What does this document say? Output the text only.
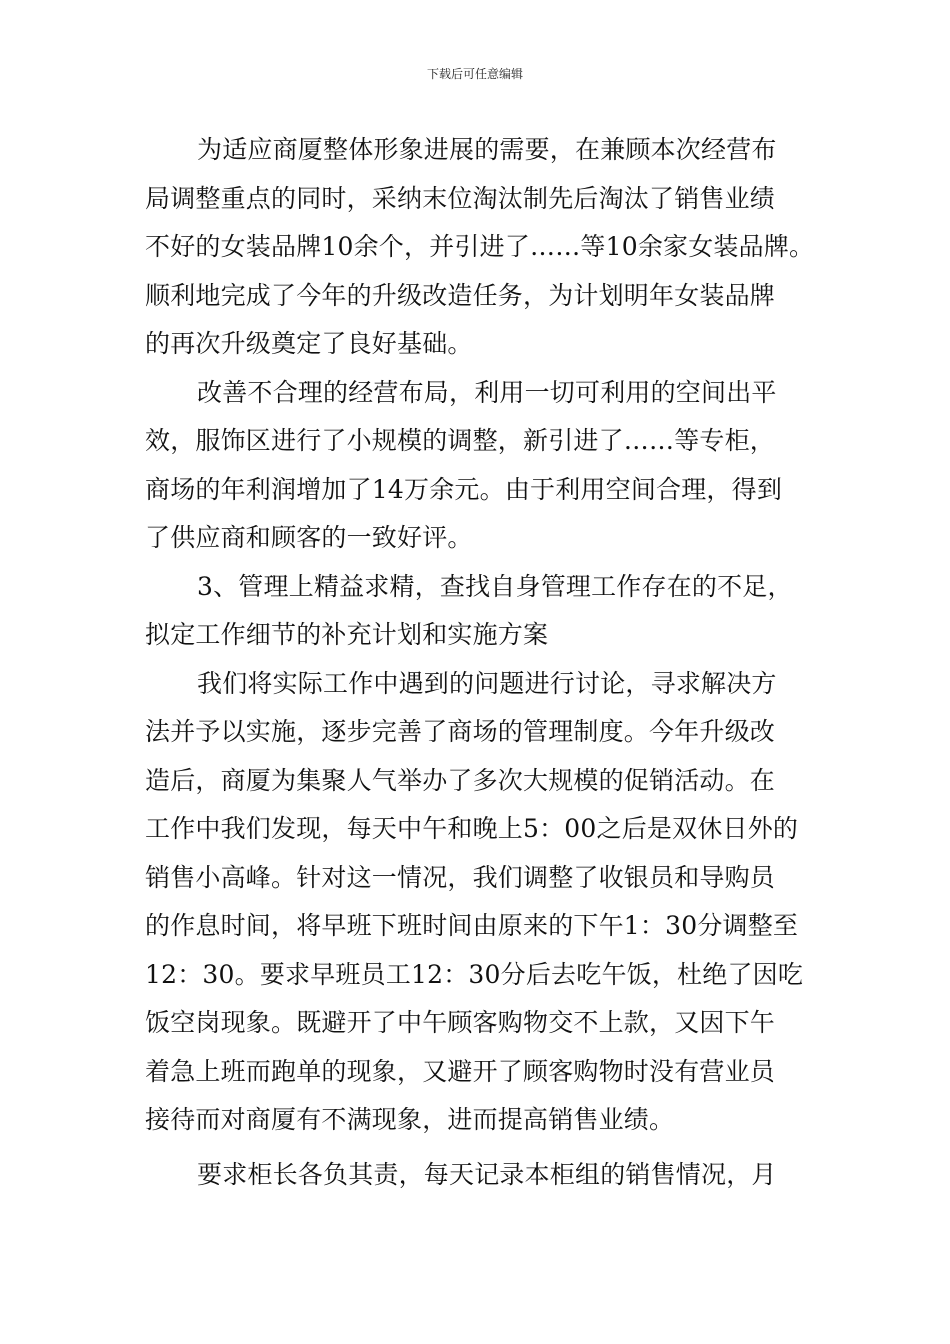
下载后可任意编辑
为适应商厦整体形象进展的需要，在兼顾本次经营布
局调整重点的同时，采纳末位淘汰制先后淘汰了销售业绩
不好的女装品牌10余个，并引进了……等10余家女装品牌。
顺利地完成了今年的升级改造任务，为计划明年女装品牌
的再次升级奠定了良好基础。
改善不合理的经营布局，利用一切可利用的空间出平
效，服饰区进行了小规模的调整，新引进了……等专柜，
商场的年利润增加了14万余元。由于利用空间合理，得到
了供应商和顾客的一致好评。
3、管理上精益求精，查找自身管理工作存在的不足，
拟定工作细节的补充计划和实施方案
我们将实际工作中遇到的问题进行讨论，寻求解决方
法并予以实施，逐步完善了商场的管理制度。今年升级改
造后，商厦为集聚人气举办了多次大规模的促销活动。在
工作中我们发现，每天中午和晚上5：00之后是双休日外的
销售小高峰。针对这一情况，我们调整了收银员和导购员
的作息时间，将早班下班时间由原来的下午1：30分调整至
12：30。要求早班员工12：30分后去吃午饭，杜绝了因吃
饭空岗现象。既避开了中午顾客购物交不上款，又因下午
着急上班而跑单的现象，又避开了顾客购物时没有营业员
接待而对商厦有不满现象，进而提高销售业绩。
要求柜长各负其责，每天记录本柜组的销售情况，月
